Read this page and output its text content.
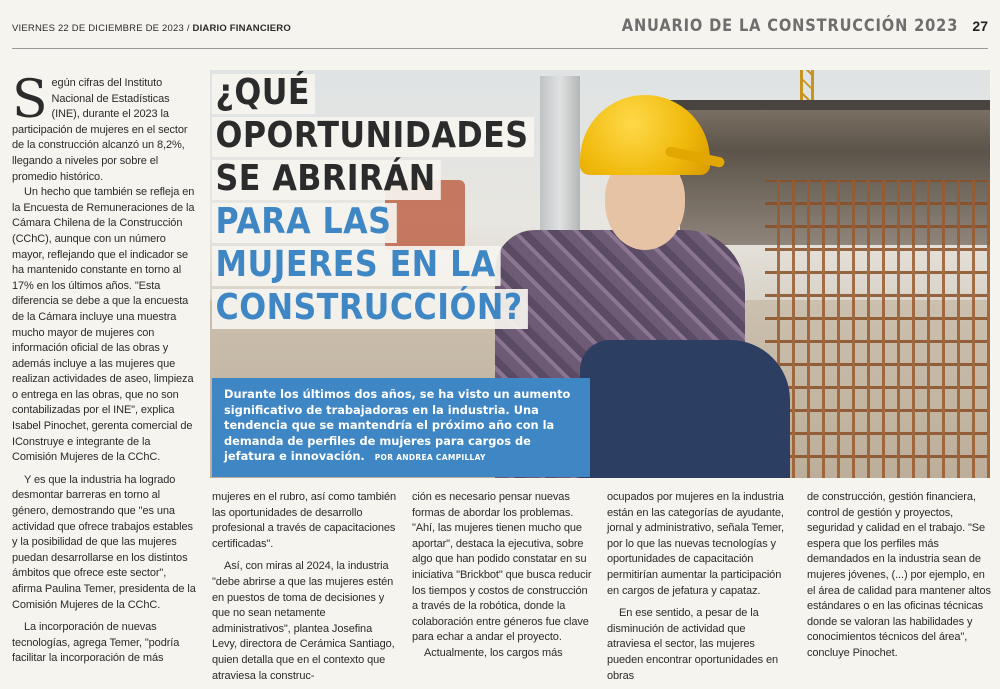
VIERNES 22 DE DICIEMBRE DE 2023 / DIARIO FINANCIERO	ANUARIO DE LA CONSTRUCCIÓN 2023 27
¿QUÉ
OPORTUNIDADES
SE ABRIRÁN
PARA LAS
MUJERES EN LA
CONSTRUCCIÓN?
Durante los últimos dos años, se ha visto un aumento significativo de trabajadoras en la industria. Una tendencia que se mantendría el próximo año con la demanda de perfiles de mujeres para cargos de jefatura e innovación. POR ANDREA CAMPILLAY

Según cifras del Instituto Nacional de Estadísticas (INE), durante el 2023 la participación de mujeres en el sector de la construcción alcanzó un 8,2%, llegando a niveles por sobre el promedio histórico.

Un hecho que también se refleja en la Encuesta de Remuneraciones de la Cámara Chilena de la Construcción (CChC), aunque con un número mayor, reflejando que el indicador se ha mantenido constante en torno al 17% en los últimos años. "Esta diferencia se debe a que la encuesta de la Cámara incluye una muestra mucho mayor de mujeres con información oficial de las obras y además incluye a las mujeres que realizan actividades de aseo, limpieza o entrega en las obras, que no son contabilizadas por el INE", explica Isabel Pinochet, gerenta comercial de IConstruye e integrante de la Comisión Mujeres de la CChC.

Y es que la industria ha logrado desmontar barreras en torno al género, demostrando que "es una actividad que ofrece trabajos estables y la posibilidad de que las mujeres puedan desarrollarse en los distintos ámbitos que ofrece este sector", afirma Paulina Temer, presidenta de la Comisión Mujeres de la CChC.

La incorporación de nuevas tecnologías, agrega Temer, "podría facilitar la incorporación de más

mujeres en el rubro, así como también las oportunidades de desarrollo profesional a través de capacitaciones certificadas".

Así, con miras al 2024, la industria "debe abrirse a que las mujeres estén en puestos de toma de decisiones y que no sean netamente administrativos", plantea Josefina Levy, directora de Cerámica Santiago, quien detalla que en el contexto que atraviesa la construc-

ción es necesario pensar nuevas formas de abordar los problemas. "Ahí, las mujeres tienen mucho que aportar", destaca la ejecutiva, sobre algo que han podido constatar en su iniciativa "Brickbot" que busca reducir los tiempos y costos de construcción a través de la robótica, donde la colaboración entre géneros fue clave para echar a andar el proyecto.

Actualmente, los cargos más

ocupados por mujeres en la industria están en las categorías de ayudante, jornal y administrativo, señala Temer, por lo que las nuevas tecnologías y oportunidades de capacitación permitirían aumentar la participación en cargos de jefatura y capataz.

En ese sentido, a pesar de la disminución de actividad que atraviesa el sector, las mujeres pueden encontrar oportunidades en obras

de construcción, gestión financiera, control de gestión y proyectos, seguridad y calidad en el trabajo. "Se espera que los perfiles más demandados en la industria sean de mujeres jóvenes, (...) por ejemplo, en el área de calidad para mantener altos estándares o en las oficinas técnicas donde se valoran las habilidades y conocimientos técnicos del área", concluye Pinochet.
